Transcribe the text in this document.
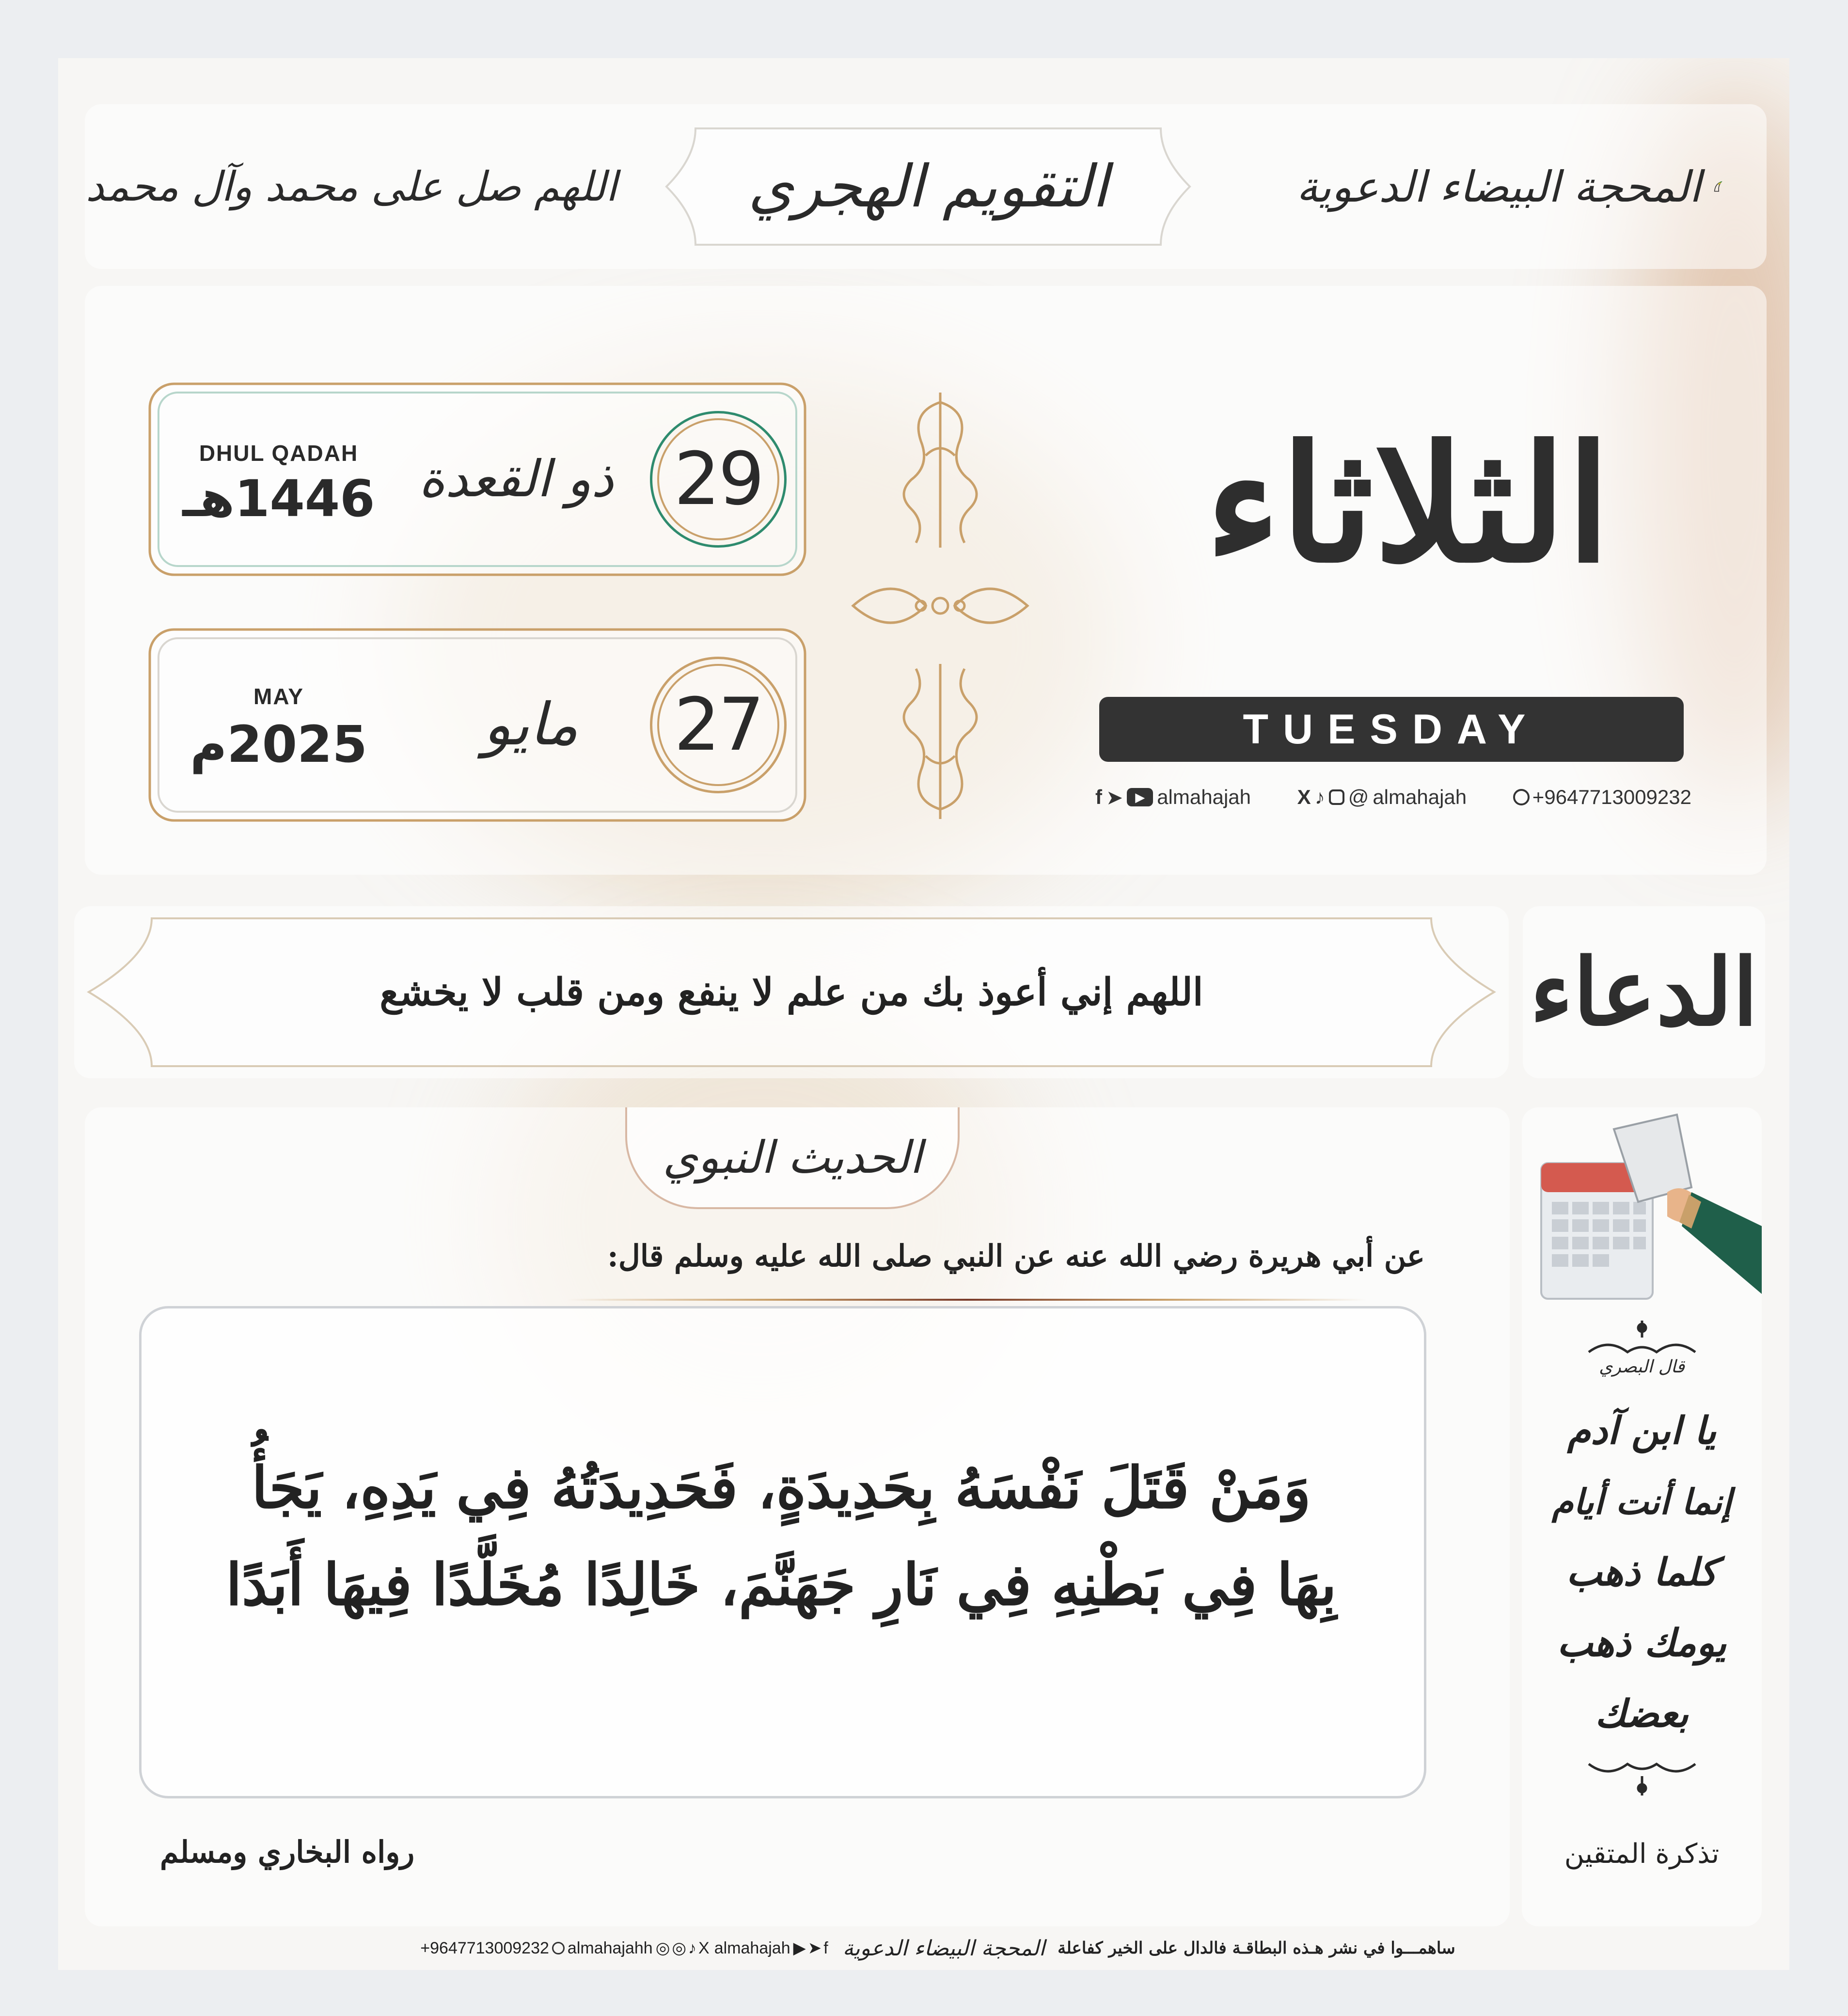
المحجة البيضاء الدعوية
التقويم الهجري
اللهم صل على محمد وآل محمد
29
ذو القعدة
DHUL QADAH
1446هـ
27
مايو
MAY
2025م
الثلاثاء
TUESDAY
f ➤ ▶ almahajah X ♪ @ almahajah	+9647713009232
الدعاء
اللهم إني أعوذ بك من علم لا ينفع ومن قلب لا يخشع
الحديث النبوي
عن أبي هريرة رضي الله عنه عن النبي صلى الله عليه وسلم قال:
وَمَنْ قَتَلَ نَفْسَهُ بِحَدِيدَةٍ، فَحَدِيدَتُهُ فِي يَدِهِ، يَجَأُ
بِهَا فِي بَطْنِهِ فِي نَارِ جَهَنَّمَ، خَالِدًا مُخَلَّدًا فِيهَا أَبَدًا
رواه البخاري ومسلم
قال البصري
يا ابن آدم
إنما أنت أيام
كلما ذهب
يومك ذهب
بعضك
تذكرة المتقين
+9647713009232 almahajahh ◎◎♪X almahajah ▶➤f المحجة البيضاء الدعوية ساهمـــوا في نشر هـذه البطاقـة فالدال على الخير كفاعلة
